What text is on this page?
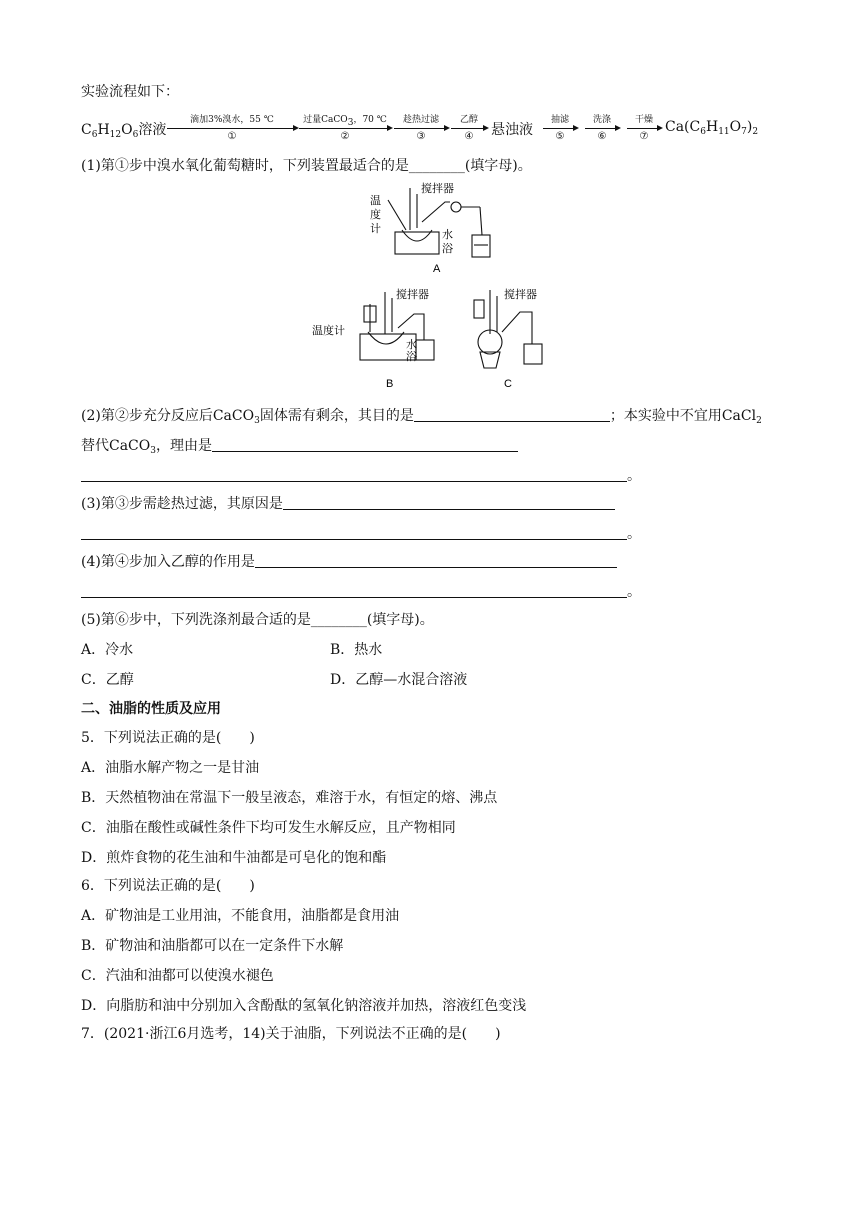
实验流程如下：
$C_6H_{12}O_6$溶液
滴加3%溴水，55 ℃
①
过量CaCO$_3$，70 ℃
②
趁热过滤
③
乙醇
④	悬浊液
抽滤
⑤
洗涤
⑥
干燥
⑦
$Ca(C_6H_{11}O_7)_2$
(1)第①步中溴水氧化葡萄糖时，下列装置最适合的是________(填字母)。
温
度
计
搅拌器
水
浴
A
温度计
搅拌器
水
浴
B
搅拌器
C
(2)第②步充分反应后CaCO$_3$固体需有剩余，其目的是	；本实验中不宜用CaCl$_2$
替代CaCO$_3$，理由是
。
(3)第③步需趁热过滤，其原因是
。
(4)第④步加入乙醇的作用是
。
(5)第⑥步中，下列洗涤剂最合适的是________(填字母)。
A．冷水	B．热水
C．乙醇	D．乙醇—水混合溶液
二、油脂的性质及应用
5．下列说法正确的是(　　)
A．油脂水解产物之一是甘油
B．天然植物油在常温下一般呈液态，难溶于水，有恒定的熔、沸点
C．油脂在酸性或碱性条件下均可发生水解反应，且产物相同
D．煎炸食物的花生油和牛油都是可皂化的饱和酯
6．下列说法正确的是(　　)
A．矿物油是工业用油，不能食用，油脂都是食用油
B．矿物油和油脂都可以在一定条件下水解
C．汽油和油都可以使溴水褪色
D．向脂肪和油中分别加入含酚酞的氢氧化钠溶液并加热，溶液红色变浅
7．(2021·浙江6月选考，14)关于油脂，下列说法不正确的是(　　)
